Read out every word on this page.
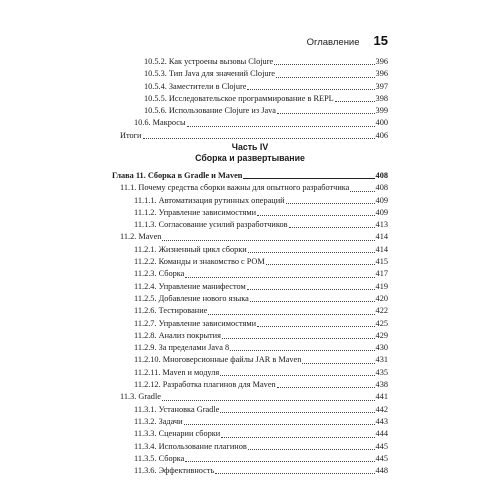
Оглавление 15
10.5.2. Как устроены вызовы Clojure	396
10.5.3. Тип Java для значений Clojure	396
10.5.4. Заместители в Clojure	397
10.5.5. Исследовательское программирование в REPL	398
10.5.6. Использование Clojure из Java	399
10.6. Макросы	400
Итоги	406
Часть IV
Сборка и развертывание
Глава 11. Сборка в Gradle и Maven	408
11.1. Почему средства сборки важны для опытного разработчика	408
11.1.1. Автоматизация рутинных операций	409
11.1.2. Управление зависимостями	409
11.1.3. Согласование усилий разработчиков	413
11.2. Maven	414
11.2.1. Жизненный цикл сборки	414
11.2.2. Команды и знакомство с POM	415
11.2.3. Сборка	417
11.2.4. Управление манифестом	419
11.2.5. Добавление нового языка	420
11.2.6. Тестирование	422
11.2.7. Управление зависимостями	425
11.2.8. Анализ покрытия	429
11.2.9. За пределами Java 8	430
11.2.10. Многоверсионные файлы JAR в Maven	431
11.2.11. Maven и модуля	435
11.2.12. Разработка плагинов для Maven	438
11.3. Gradle	441
11.3.1. Установка Gradle	442
11.3.2. Задачи	443
11.3.3. Сценарии сборки	444
11.3.4. Использование плагинов	445
11.3.5. Сборка	445
11.3.6. Эффективность	448
